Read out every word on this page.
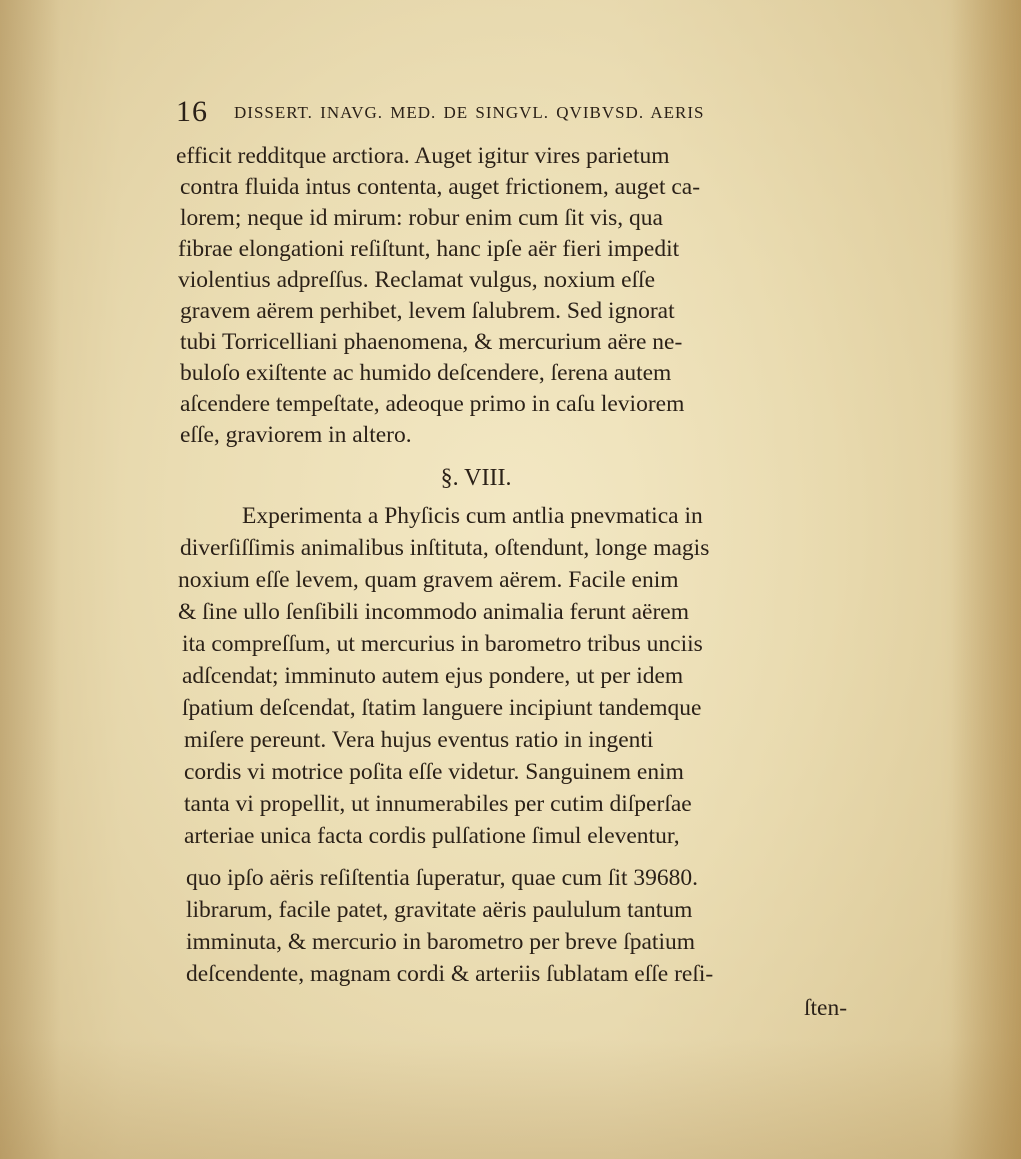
16 DISSERT. INAVG. MED. DE SINGVL. QVIBVSD. AERIS
efficit redditque arctiora. Auget igitur vires parietum
contra fluida intus contenta, auget frictionem, auget ca-
lorem; neque id mirum: robur enim cum ſit vis, qua
fibrae elongationi reſiſtunt, hanc ipſe aër fieri impedit
violentius adpreſſus. Reclamat vulgus, noxium eſſe
gravem aërem perhibet, levem ſalubrem. Sed ignorat
tubi Torricelliani phaenomena, & mercurium aëre ne-
buloſo exiſtente ac humido deſcendere, ſerena autem
aſcendere tempeſtate, adeoque primo in caſu leviorem
eſſe, graviorem in altero.
§. VIII.
Experimenta a Phyſicis cum antlia pnevmatica in
diverſiſſimis animalibus inſtituta, oſtendunt, longe magis
noxium eſſe levem, quam gravem aërem. Facile enim
& ſine ullo ſenſibili incommodo animalia ferunt aërem
ita compreſſum, ut mercurius in barometro tribus unciis
adſcendat; imminuto autem ejus pondere, ut per idem
ſpatium deſcendat, ſtatim languere incipiunt tandemque
miſere pereunt. Vera hujus eventus ratio in ingenti
cordis vi motrice poſita eſſe videtur. Sanguinem enim
tanta vi propellit, ut innumerabiles per cutim diſperſae
arteriae unica facta cordis pulſatione ſimul eleventur,
quo ipſo aëris reſiſtentia ſuperatur, quae cum ſit 39680.
librarum, facile patet, gravitate aëris paululum tantum
imminuta, & mercurio in barometro per breve ſpatium
deſcendente, magnam cordi & arteriis ſublatam eſſe reſi-
ſten-
